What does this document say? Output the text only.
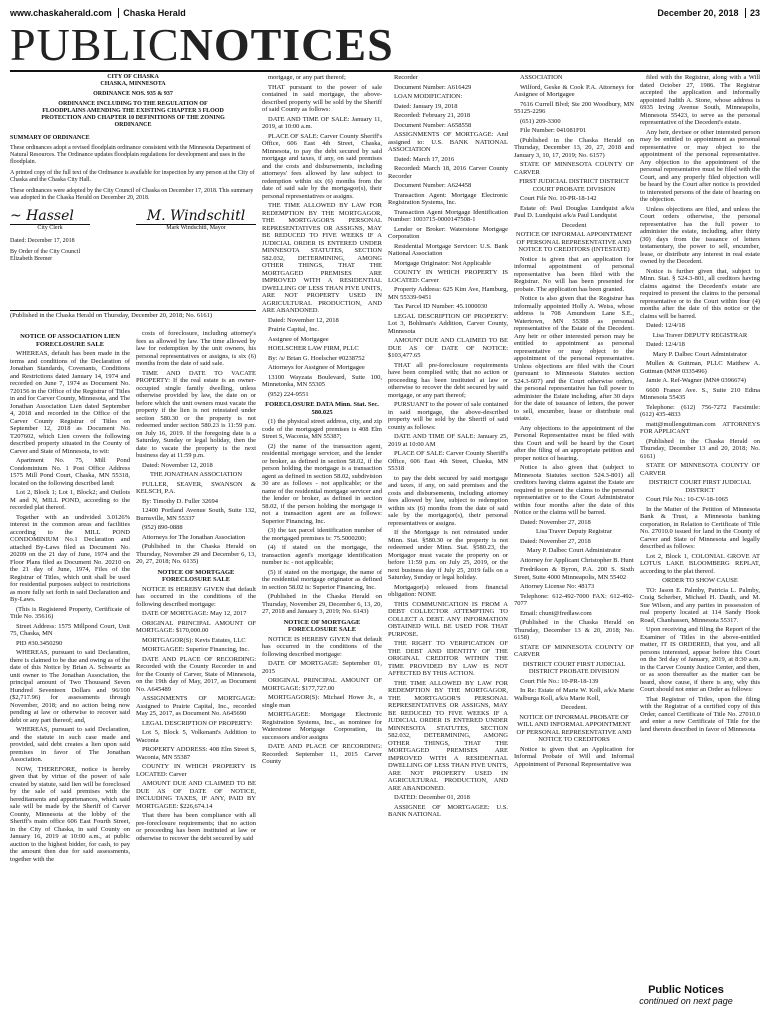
www.chaskaherald.com Chaska Herald	December 20, 2018 23
PUBLICNOTICES
CITY OF CHASKA
CHASKA, MINNESOTA
ORDINANCE NOS. 935 & 937
ORDINANCE INCLUDING TO THE REGULATION OF FLOODPLAINS AMENDING THE EXISTING CHAPTER 3 FLOOD PROTECTION AND CHAPTER 10 DEFINITIONS OF THE ZONING ORDINANCE
SUMMARY OF ORDINANCE
These ordinances adopt a revised floodplain ordinance consistent with the Minnesota Department of Natural Resources. The Ordinance updates floodplain regulations for development and uses in the floodplain.
A printed copy of the full text of the Ordinance is available for inspection by any person at the City of Chaska and the Chaska City Hall.
These ordinances were adopted by the City Council of Chaska on December 17, 2018. This summary was adopted in the Chaska Herald on December 20, 2018.
~ Hassel
City Clerk
M. Windschitl
Mark Windschitl, Mayor
Dated: December 17, 2018
By Order of the City Council
Elizabeth Bremer
(Published in the Chaska Herald on Thursday, December 20, 2018; No. 6161)
Public Notices
continued on next page

NOTICE OF ASSOCIATION LIEN FORECLOSURE SALE

WHEREAS, default has been made in the terms and conditions of the Declaration of Jonathan Standards, Covenants, Conditions and Restrictions dated January 14, 1974 and recorded on June 7, 1974 as Document No. 720156 in the Office of the Registrar of Titles in and for Carver County, Minnesota, and The Jonathan Association Lien dated September 4, 2018 and recorded in the Office of the Carver County Registrar of Titles on September 12, 2018 as Document No. T207602, which Lien covers the following described property situated in the County of Carver and State of Minnesota, to wit:

Apartment No. 75, Mill Pond Condominium No. 1 Post Office Address 1575 Mill Pond Court, Chaska, MN 55318, located on the following described land:

Lot 2, Block 1; Lot 1, Block2; and Outlots M and N, MILL POND, according to the recorded plat thereof.

Together with an undivided 3.0126% interest in the common areas and facilities according to the MILL POND CONDOMINIUM No.1 Declaration and attached By-Laws filed as Document No. 20209 on the 21 day of June, 1974 and the Floor Plans filed as Document No. 20210 on the 21 day of June, 1974, Files of the Registrar of Titles, which unit shall be used for residential purposes subject to restrictions as more fully set forth in said Declaration and By-Laws.

(This is Registered Property, Certificate of Title No. 35616)

Street Address: 1575 Millpond Court, Unit 75, Chaska, MN

PID #30.3450290

WHEREAS, pursuant to said Declaration, there is claimed to be due and owing as of the date of this Notice by Brian A. Schwartz as unit owner to The Jonathan Association, the principal amount of Two Thousand Seven Hundred Seventeen Dollars and 96/100 ($2,717.96) for assessments through November, 2018; and no action being now pending at law or otherwise to recover said debt or any part thereof; and,

WHEREAS, pursuant to said Declaration, and the statute in such case made and provided, said debt creates a lien upon said premises in favor of The Jonathan Association.

NOW, THEREFORE, notice is hereby given that by virtue of the power of sale created by statute, said lien will be foreclosed by the sale of said premises with the hereditaments and appurtenances, which said sale will be made by the Sheriff of Carver County, Minnesota at the lobby of the Sheriff's main office 606 East Fourth Street, in the City of Chaska, in said County on January 16, 2019 at 10:00 a.m., at public auction to the highest bidder, for cash, to pay the amount then due for said assessments, together with the

costs of foreclosure, including attorney's fees as allowed by law. The time allowed by law for redemption by the unit owners, his personal representatives or assigns, is six (6) months from the date of said sale.

TIME AND DATE TO VACATE PROPERTY: If the real estate is an owner-occupied single family dwelling, unless otherwise provided by law, the date on or before which the unit owners must vacate the property if the lien is not reinstated under section 580.30 or the property is not redeemed under section 580.23 is 11:59 p.m. on July 16, 2019. If the foregoing date is a Saturday, Sunday or legal holiday, then the date to vacate the property is the next business day at 11:59 p.m.

Dated: November 12, 2018

THE JONATHAN ASSOCIATION

FULLER, SEAVER, SWANSON & KELSCH, P.A.

By: Timothy D. Fuller 32694

12400 Portland Avenue South, Suite 132, Burnsville, MN 55337

(952) 890-0888

Attorneys for The Jonathan Association

(Published in the Chaska Herald on Thursday, November 29 and December 6, 13, 20, 27, 2018; No. 6135)

NOTICE OF MORTGAGE FORECLOSURE SALE

NOTICE IS HEREBY GIVEN that default has occurred in the conditions of the following described mortgage:

DATE OF MORTGAGE: May 12, 2017

ORIGINAL PRINCIPAL AMOUNT OF MORTGAGE: $170,000.00

MORTGAGOR(S): Kevis Estates, LLC

MORTGAGEE: Superior Financing, Inc.

DATE AND PLACE OF RECORDING: Recorded with the County Recorder in and for the County of Carver, State of Minnesota, on the 19th day of May, 2017, as Document No. A645489

ASSIGNMENTS OF MORTGAGE: Assigned to Prairie Capital, Inc., recorded May 25, 2017, as Document No. A645690

LEGAL DESCRIPTION OF PROPERTY:

Lot 5, Block 5, Volkenant's Addition to Waconia

PROPERTY ADDRESS: 408 Elm Street S, Waconia, MN 55387

COUNTY IN WHICH PROPERTY IS LOCATED: Carver

AMOUNT DUE AND CLAIMED TO BE DUE AS OF DATE OF NOTICE, INCLUDING TAXES, IF ANY, PAID BY MORTGAGEE: $226,674.14

That there has been compliance with all pre-foreclosure requirements; that no action or proceeding has been instituted at law or otherwise to recover the debt secured by said

mortgage, or any part thereof;

THAT pursuant to the power of sale contained in said mortgage, the above-described property will be sold by the Sheriff of said County as follows:

DATE AND TIME OF SALE: January 11, 2019, at 10:00 a.m.

PLACE OF SALE: Carver County Sheriff's Office, 606 East 4th Street, Chaska, Minnesota, to pay the debt secured by said mortgage and taxes, if any, on said premises and the costs and disbursements, including attorneys' fees allowed by law subject to redemption within six (6) months from the date of said sale by the mortgagor(s), their personal representatives or assigns.

THE TIME ALLOWED BY LAW FOR REDEMPTION BY THE MORTGAGOR, THE MORTGAGOR'S PERSONAL REPRESENTATIVES OR ASSIGNS, MAY BE REDUCED TO FIVE WEEKS IF A JUDICIAL ORDER IS ENTERED UNDER MINNESOTA STATUTES, SECTION 582.032, DETERMINING, AMONG OTHER THINGS, THAT THE MORTGAGED PREMISES ARE IMPROVED WITH A RESIDENTIAL DWELLING OF LESS THAN FIVE UNITS, ARE NOT PROPERTY USED IN AGRICULTURAL PRODUCTION, AND ARE ABANDONED.

Dated: November 12, 2018

Prairie Capital, Inc.

Assignee of Mortgagee

HOELSCHER LAW FIRM, PLLC

By: /s/ Brian G. Hoelscher #0238752

Attorneys for Assignee of Mortgagee

13100 Wayzata Boulevard, Suite 100, Minnetonka, MN 55305

(952) 224-9551

FORECLOSURE DATA Minn. Stat. Sec. 580.025

(1) the physical street address, city, and zip code of the mortgaged premises is 408 Elm Street S, Waconia, MN 55387;

(2) the name of the transaction agent, residential mortgage servicer, and the lender or broker, as defined in section 58.02, if the person holding the mortgage is a transaction agent as defined in section 58.02, subdivision 30 are as follows - not applicable; or the name of the residential mortgage servicer and the lender or broker, as defined in section 58.02, if the person holding the mortgage is not a transaction agent are as follows: Superior Financing, Inc.

(3) the tax parcel identification number of the mortgaged premises is: 75.5000200;

(4) if stated on the mortgage, the transaction agent's mortgage identification number is: - not applicable;

(5) if stated on the mortgage, the name of the residential mortgage originator as defined in section 58.02 is: Superior Financing, Inc.

(Published in the Chaska Herald on Thursday, November 29, December 6, 13, 20, 27, 2018 and January 3, 2019; No. 6143)

NOTICE OF MORTGAGE FORECLOSURE SALE

NOTICE IS HEREBY GIVEN that default has occurred in the conditions of the following described mortgage:

DATE OF MORTGAGE: September 01, 2015

ORIGINAL PRINCIPAL AMOUNT OF MORTGAGE: $177,727.00

MORTGAGOR(S): Michael Howe Jr., a single man

MORTGAGEE: Mortgage Electronic Registration Systems, Inc., as nominee for Waterstone Mortgage Corporation, its successors and/or assigns

DATE AND PLACE OF RECORDING: Recorded: September 11, 2015 Carver County

Recorder

Document Number: A616429

LOAN MODIFICATION:

Dated: January 19, 2018

Recorded: February 21, 2018

Document Number: A658558

ASSIGNMENTS OF MORTGAGE: And assigned to: U.S. BANK NATIONAL ASSOCIATION

Dated: March 17, 2016

Recorded: March 18, 2016 Carver County Recorder

Document Number: A624458

Transaction Agent: Mortgage Electronic Registration Systems, Inc.

Transaction Agent Mortgage Identification Number: 1003715-0000147508-1

Lender or Broker: Waterstone Mortgage Corporation

Residential Mortgage Servicer: U.S. Bank National Association

Mortgage Originator: Not Applicable

COUNTY IN WHICH PROPERTY IS LOCATED: Carver

Property Address: 625 Kim Ave, Hamburg, MN 55339-9451

Tax Parcel ID Number: 45.1000030

LEGAL DESCRIPTION OF PROPERTY: Lot 3, Bohlman's Addition, Carver County, Minnesota

AMOUNT DUE AND CLAIMED TO BE DUE AS OF DATE OF NOTICE: $103,477.65

THAT all pre-foreclosure requirements have been complied with; that no action or proceeding has been instituted at law or otherwise to recover the debt secured by said mortgage, or any part thereof;

PURSUANT to the power of sale contained in said mortgage, the above-described property will be sold by the Sheriff of said county as follows:

DATE AND TIME OF SALE: January 25, 2019 at 10:00 AM

PLACE OF SALE: Carver County Sheriff's Office, 606 East 4th Street, Chaska, MN 55318

to pay the debt secured by said mortgage and taxes, if any, on said premises and the costs and disbursements, including attorney fees allowed by law, subject to redemption within six (6) months from the date of said sale by the mortgagor(s), their personal representatives or assigns.

If the Mortgage is not reinstated under Minn. Stat. §580.30 or the property is not redeemed under Minn. Stat. §580.23, the Mortgagor must vacate the property on or before 11:59 p.m. on July 25, 2019, or the next business day if July 25, 2019 falls on a Saturday, Sunday or legal holiday.

Mortgagor(s) released from financial obligation: NONE

THIS COMMUNICATION IS FROM A DEBT COLLECTOR ATTEMPTING TO COLLECT A DEBT. ANY INFORMATION OBTAINED WILL BE USED FOR THAT PURPOSE.

THE RIGHT TO VERIFICATION OF THE DEBT AND IDENTITY OF THE ORIGINAL CREDITOR WITHIN THE TIME PROVIDED BY LAW IS NOT AFFECTED BY THIS ACTION.

THE TIME ALLOWED BY LAW FOR REDEMPTION BY THE MORTGAGOR, THE MORTGAGOR'S PERSONAL REPRESENTATIVES OR ASSIGNS, MAY BE REDUCED TO FIVE WEEKS IF A JUDICIAL ORDER IS ENTERED UNDER MINNESOTA STATUTES, SECTION 582.032, DETERMINING, AMONG OTHER THINGS, THAT THE MORTGAGED PREMISES ARE IMPROVED WITH A RESIDENTIAL DWELLING OF LESS THAN FIVE UNITS, ARE NOT PROPERTY USED IN AGRICULTURAL PRODUCTION, AND ARE ABANDONED.

DATED: December 01, 2018

ASSIGNEE OF MORTGAGEE: U.S. BANK NATIONAL

ASSOCIATION

Wilford, Geske & Cook P.A. Attorneys for Assignee of Mortgagee

7616 Currell Blvd; Ste 200 Woodbury, MN 55125-2296

(651) 209-3300

File Number: 041081F01

(Published in the Chaska Herald on Thursday, December 13, 20, 27, 2018 and January 3, 10, 17, 2019; No. 6157)

STATE OF MINNESOTA COUNTY OF CARVER

FIRST JUDICIAL DISTRICT DISTRICT COURT PROBATE DIVISION

Court File No. 10-PR-18-142

Estate of: Paul Douglas Lundquist a/k/a Paul D. Lundquist a/k/a Paul Lundquist

Decedent

NOTICE OF INFORMAL APPOINTMENT OF PERSONAL REPRESENTATIVE AND NOTICE TO CREDITORS (INTESTATE)

Notice is given that an application for informal appointment of personal representative has been filed with the Registrar. No will has been presented for probate. The application has been granted.

Notice is also given that the Registrar has informally appointed Holly A. Weiss, whose address is 708 Amundson Lane S.E., Watertown, MN 55388 as personal representative of the Estate of the Decedent. Any heir or other interested person may be entitled to appointment as personal representative or may object to the appointment of the personal representative. Unless objections are filed with the Court (pursuant to Minnesota Statutes section 524.3-607) and the Court otherwise orders, the personal representative has full power to administer the Estate including, after 30 days for the date of issuance of letters, the power to sell, encumber, lease or distribute real estate.

Any objections to the appointment of the Personal Representative must be filed with this Court and will be heard by the Court after the filing of an appropriate petition and proper notice of hearing.

Notice is also given that (subject to Minnesota Statutes section 524.3-801) all creditors having claims against the Estate are required to present the claims to the personal representative or to the Court Administrator within four months after the date of this Notice or the claims will be barred.

Dated: November 27, 2018

Lisa Traver Deputy Registrar

Dated: November 27, 2018

Mary P. Dalbec Court Administrator

Attorney for Applicant Christopher B. Hunt

Fredrikson & Byron, P.A. 200 S. Sixth Street, Suite 4000 Minneapolis, MN 55402

Attorney License No: 48173

Telephone: 612-492-7000 FAX: 612-492-7077

Email: chunt@fredlaw.com

(Published in the Chaska Herald on Thursday, December 13 & 20, 2018; No. 6158)

STATE OF MINNESOTA COUNTY OF CARVER

DISTRICT COURT FIRST JUDICIAL DISTRICT PROBATE DIVISION

Court File No.: 10-PR-18-139

In Re: Estate of Marie W. Koll, a/k/a Marie Walburga Koll, a/k/a Marie Koll,

Decedent.

NOTICE OF INFORMAL PROBATE OF WILL AND INFORMAL APPOINTMENT OF PERSONAL REPRESENTATIVE AND NOTICE TO CREDITORS

Notice is given that an Application for Informal Probate of Will and Informal Appointment of Personal Representative was

filed with the Registrar, along with a Will dated October 27, 1986. The Registrar accepted the application and informally appointed Judith A. Stone, whose address is 6935 Irving Avenue South, Minneapolis, Minnesota 55423, to serve as the personal representative of the Decedent's estate.

Any heir, devisee or other interested person may be entitled to appointment as personal representative or may object to the appointment of the personal representative. Any objection to the appointment of the personal representative must be filed with the Court, and any properly filed objection will be heard by the Court after notice is provided to interested persons of the date of hearing on the objection.

Unless objections are filed, and unless the Court orders otherwise, the personal representative has the full power to administer the estate, including, after thirty (30) days from the issuance of letters testamentary, the power to sell, encumber, lease, or distribute any interest in real estate owned by the Decedent.

Notice is further given that, subject to Minn. Stat. § 524.3-801, all creditors having claims against the Decedent's estate are required to present the claims to the personal representative or to the Court within four (4) months after the date of this notice or the claims will be barred.

Dated: 12/4/18

Lisa Traver DEPUTY REGISTRAR

Dated: 12/4/18

Mary P. Dalbec Court Administrator

Mullen & Guttman, PLLC Matthew A. Guttman (MN# 0335496)

Jamie A. Ref-Wagner (MN# 0396674)

6600 France Ave. S., Suite 210 Edina Minnesota 55435

Telephone: (612) 756-7272 Facsimile: (612) 435-4833

matt@mullenguttman.com ATTORNEYS FOR APPLICANT

(Published in the Chaska Herald on Thursday, December 13 and 20, 2018; No. 6161)

STATE OF MINNESOTA COUNTY OF CARVER

DISTRICT COURT FIRST JUDICIAL DISTRICT

Court File No.: 10-CV-18-1065

In the Matter of the Petition of Minnesota Bank & Trust, a Minnesota banking corporation, in Relation to Certificate of Title No. 27010.0 issued for land in the County of Carver and State of Minnesota and legally described as follows:

Lot 2, Block 1, COLONIAL GROVE AT LOTUS LAKE BLOOMBERG REPLAT, according to the plat thereof.

ORDER TO SHOW CAUSE

TO: Jason E. Palmby, Patricia L. Palmby, Craig Scherber, Michael H. Dauth, and M. Sue Wilson, and any parties in possession of real property located at 114 Sandy Hook Road, Chanhassen, Minnesota 55317.

Upon receiving and filing the Report of the Examiner of Titles in the above-entitled matter, IT IS ORDERED, that you, and all persons interested, appear before this Court on the 3rd day of January, 2019, at 8:30 a.m. in the Carver County Justice Center, and then, or as soon thereafter as the matter can be heard, show cause, if there is any, why this Court should not enter an Order as follows:

That Registrar of Titles, upon the filing with the Registrar of a certified copy of this Order, cancel Certificate of Title No. 27010.0 and enter a new Certificate of Title for the land therein described in favor of Minnesota
